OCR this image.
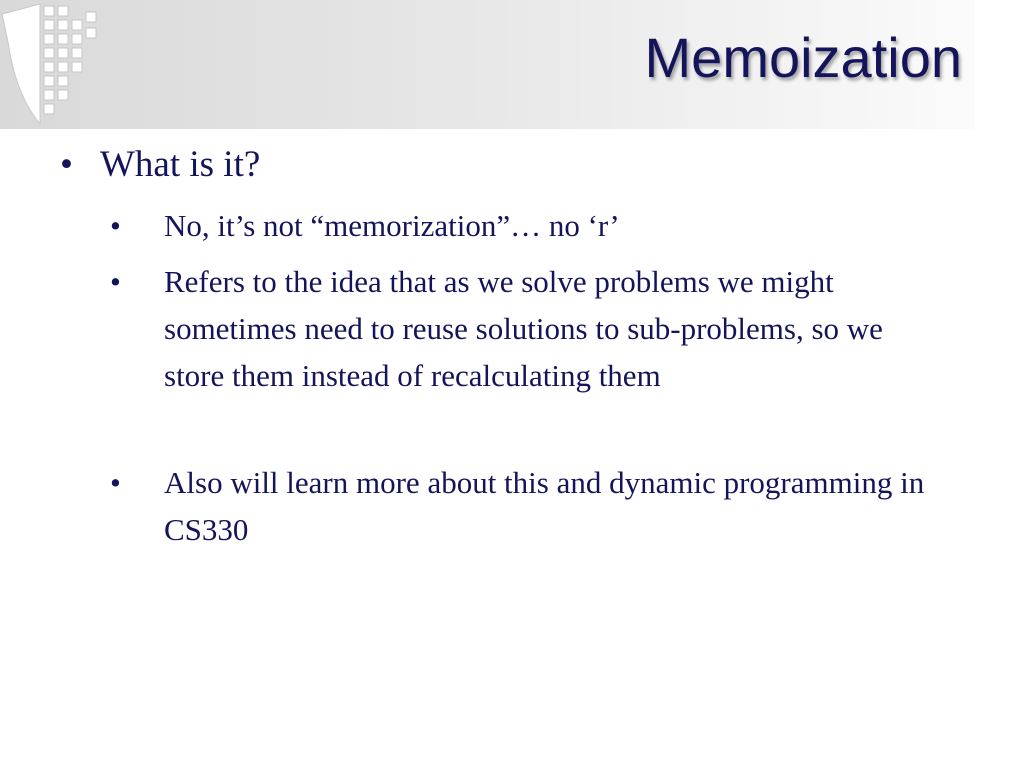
Memoization
• What is it?
• No, it’s not “memorization”… no ‘r’
• Refers to the idea that as we solve problems we might sometimes need to reuse solutions to sub-problems, so we store them instead of recalculating them
• Also will learn more about this and dynamic programming in CS330
